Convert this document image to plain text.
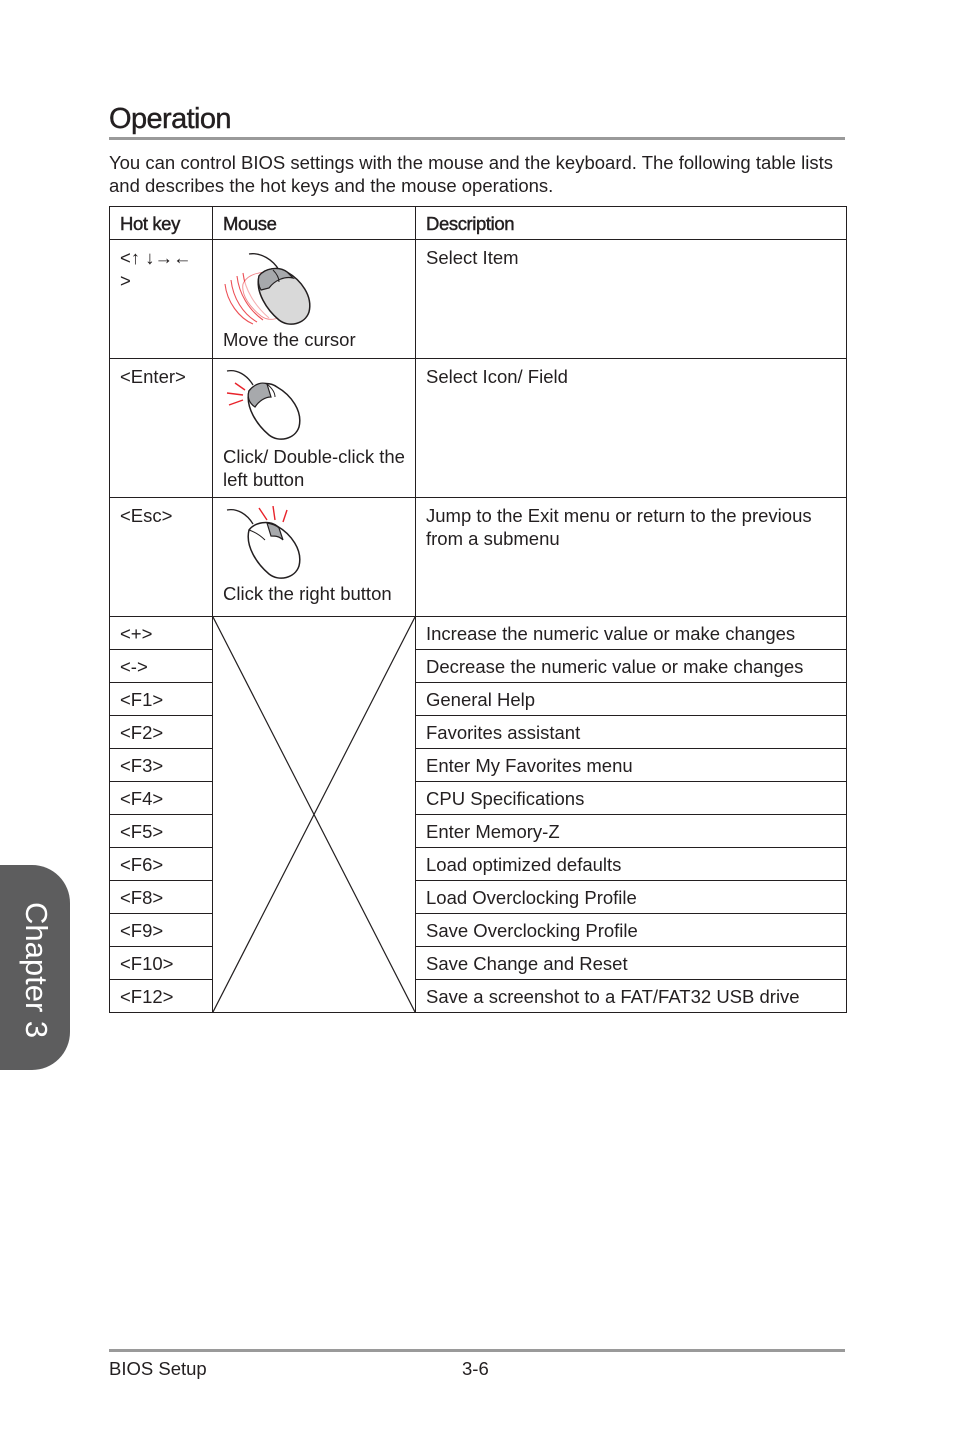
Operation
You can control BIOS settings with the mouse and the keyboard. The following table lists and describes the hot keys and the mouse operations.
Hot key	Mouse	Description
<↑ ↓→← >	Move the cursor	Select Item
<Enter>	Click/ Double-click the left button	Select Icon/ Field
<Esc>	Click the right button	Jump to the Exit menu or return to the previous from a submenu
<+>		Increase the numeric value or make changes
<->		Decrease the numeric value or make changes
<F1>		General Help
<F2>		Favorites assistant
<F3>		Enter My Favorites menu
<F4>		CPU Specifications
<F5>		Enter Memory-Z
<F6>		Load optimized defaults
<F8>		Load Overclocking Profile
<F9>		Save Overclocking Profile
<F10>		Save Change and Reset
<F12>		Save a screenshot to a FAT/FAT32 USB drive
Chapter 3
BIOS Setup	3-6
